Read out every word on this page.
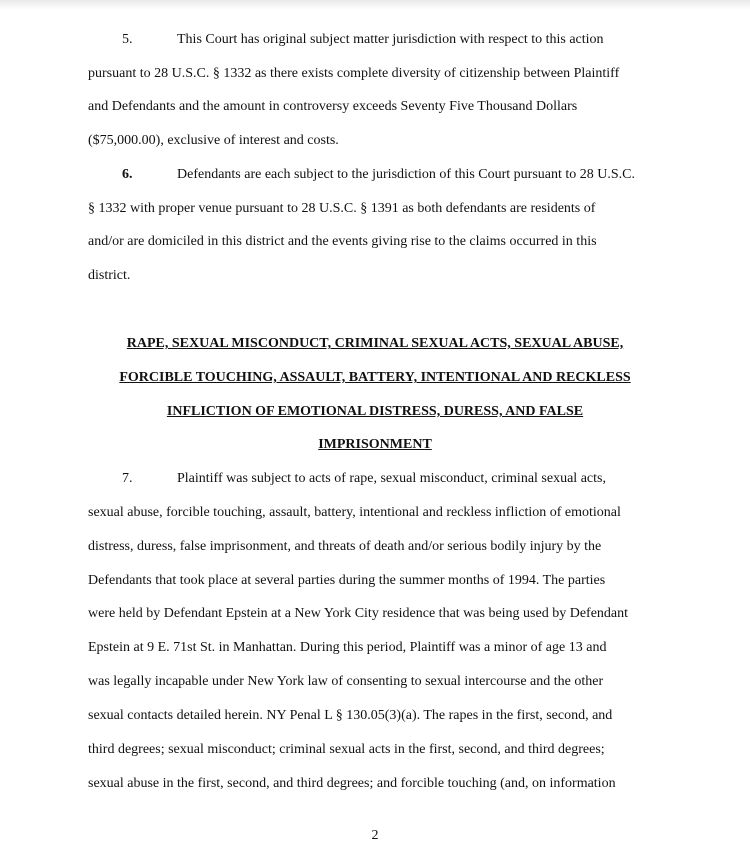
5.	This Court has original subject matter jurisdiction with respect to this action
pursuant to 28 U.S.C. § 1332 as there exists complete diversity of citizenship between Plaintiff
and Defendants and the amount in controversy exceeds Seventy Five Thousand Dollars
($75,000.00), exclusive of interest and costs.
6.	Defendants are each subject to the jurisdiction of this Court pursuant to 28 U.S.C.
§ 1332 with proper venue pursuant to 28 U.S.C. § 1391 as both defendants are residents of
and/or are domiciled in this district and the events giving rise to the claims occurred in this
district.
RAPE, SEXUAL MISCONDUCT, CRIMINAL SEXUAL ACTS, SEXUAL ABUSE,
FORCIBLE TOUCHING, ASSAULT, BATTERY, INTENTIONAL AND RECKLESS
INFLICTION OF EMOTIONAL DISTRESS, DURESS, AND FALSE
IMPRISONMENT
7.	Plaintiff was subject to acts of rape, sexual misconduct, criminal sexual acts,
sexual abuse, forcible touching, assault, battery, intentional and reckless infliction of emotional
distress, duress, false imprisonment, and threats of death and/or serious bodily injury by the
Defendants that took place at several parties during the summer months of 1994. The parties
were held by Defendant Epstein at a New York City residence that was being used by Defendant
Epstein at 9 E. 71st St. in Manhattan. During this period, Plaintiff was a minor of age 13 and
was legally incapable under New York law of consenting to sexual intercourse and the other
sexual contacts detailed herein. NY Penal L § 130.05(3)(a). The rapes in the first, second, and
third degrees; sexual misconduct; criminal sexual acts in the first, second, and third degrees;
sexual abuse in the first, second, and third degrees; and forcible touching (and, on information
2
